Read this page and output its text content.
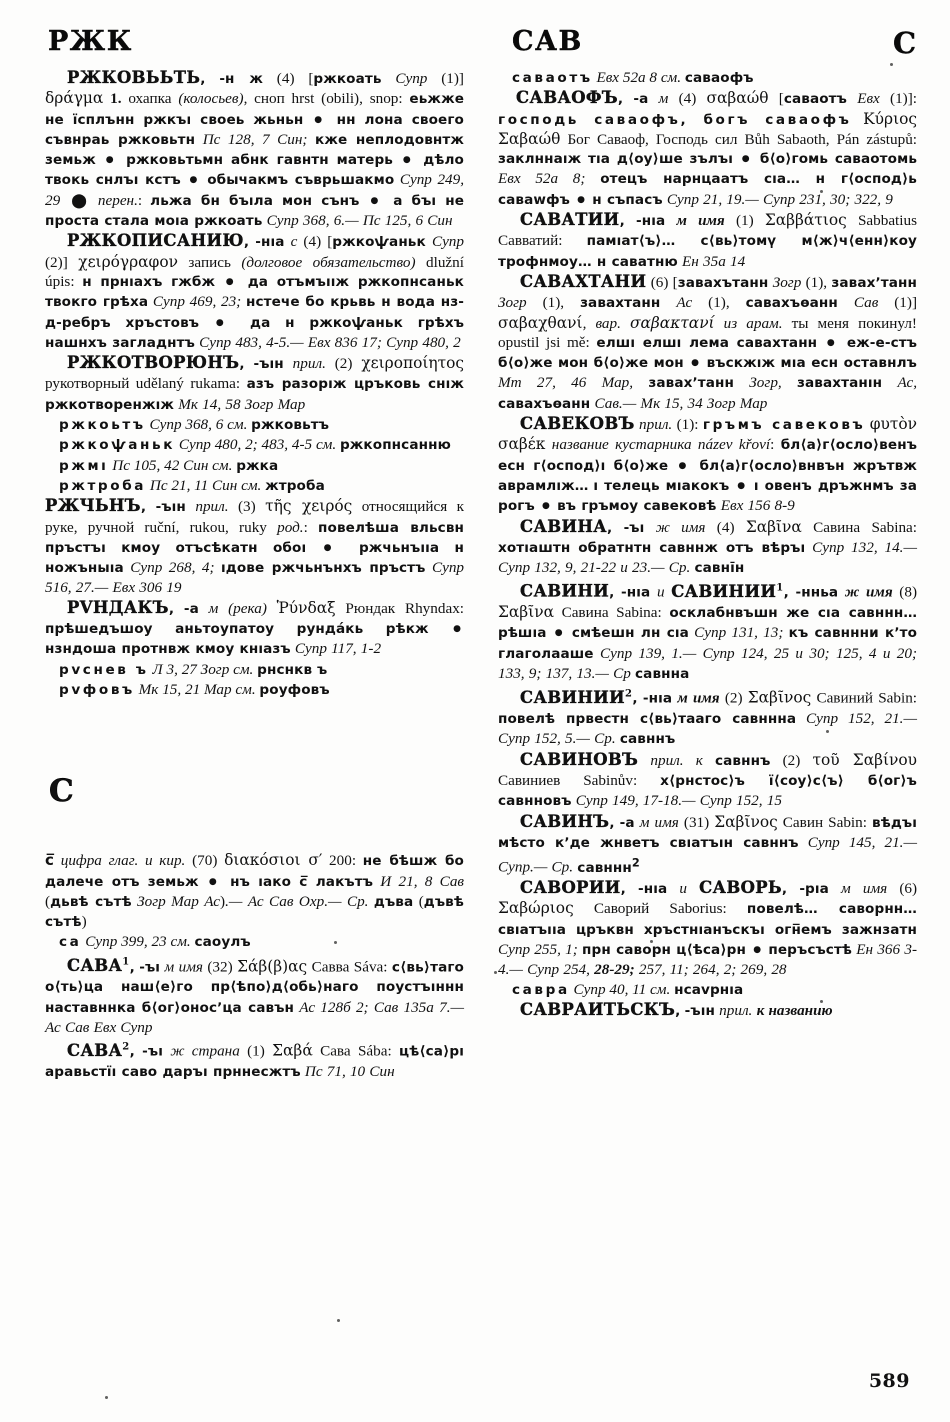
РЖК	САВ	С

РЖКОВЬЬТЬ, -н ж (4) [ржкоать Супр (1)] δράγμα 1. охапка (колосьев), сноп hrst (obili), snop: еьжже не їсплънн ржкъı своеь жьньн ● нн лона своего съвнраь ржковьтн Пс 128, 7 Син; кже неплодовнтж земьж ● ржковьтьмн абнк гавнтн матерь ● дѣло твокь снлъı кстъ ● обычакмъ съврьшакмо Супр 249, 29 ⬤ перен.: льжа бн бъıла мон сънъ ● а бъı не проста стала моıа ржкоать Супр 368, 6.— Пс 125, 6 Син

РЖКОПИСАНИЮ, -нıа с (4) [ржкоѱаньк Супр (2)] χειρόγραφον запись (долговое обязательство) dlužní úpis: н прнıахъ гжбж ● да отъмъııж ржкопнсаньк твокго грѣха Супр 469, 23; нстече бо крьвь н вода нз-д-ребръ хръстовъ ● да н ржкоѱаньк грѣхъ нашнхъ загладнтъ Супр 483, 4-5.— Евх 836 17; Супр 480, 2

РЖКОТВОРЮНЪ, -ъıн прил. (2) χειροποίητος рукотворный udělaný rukama: азъ разорıж цръковь снıж ржкотворенжıж Мк 14, 58 Зогр Мар

ржкоьтъ Супр 368, 6 см. ржковьтъ

ржкоѱаньк Супр 480, 2; 483, 4-5 см. ржкопнсанню

ржмı Пс 105, 42 Син см. ржка

ржтроба Пс 21, 11 Син см. жтроба

РЖЧЬНЪ, -ъıн прил. (3) τῆς χειρός относящийся к руке, ручной ruční, rukou, ruky род.: повелѣша вльсвн пръстъı кмоу отъсѣкатн обоı ● ржчьнъııа н ножъныıа Супр 268, 4; ıдове ржчьнънхъ пръстъ Супр 516, 27.— Евх 306 19

РVНДАКЪ, -а м (река) Ῥύνδαξ Рюндак Rhyndax: прѣшедъшоу аньтоупатоу рунда́кь рѣкж	● нзндоша протнвж кмоу кнıазъ Супр 117, 1-2

рvснев ъ Л 3, 27 Зогр см. рнснкв ъ

рvфовъ Мк 15, 21 Мар см. роуфовъ

С

с̅ цифра глаг. и кир. (70) διακόσιοι σ′ 200: не бѣшж бо далече отъ земьж ● нъ ıако с̅ лакътъ И 21, 8 Сав (дьвѣ сътѣ Зогр Мар Ас).— Ас Сав Охр.— Ср. дъва (дъвѣ сътѣ)

са Супр 399, 23 см. саоулъ

САВА$^1$, -ъı м имя (32) Σάβ(β)ας Савва Sáva: с⟨вь⟩таго о⟨ть⟩ца наш⟨е⟩го пр⟨ѣпо⟩д⟨обь⟩наго поустъıннн наставннка б⟨ог⟩оносʼца савън Ас 128б 2; Сав 135а 7.— Ас Сав Евх Супр

САВА$^2$, -ъı ж страна (1) Σαβά Сава Sába: цѣ⟨са⟩рı аравьстїı саво даръı прннесжтъ Пс 71, 10 Син

саваотъ Евх 52а 8 см. саваофъ

САВАОФЪ, -а м (4) σαβαώθ [саваотъ Евх (1)]: господь саваофъ, богъ саваофъ Κύριος Σαβαώθ Бог Саваоф, Господь сил Bůh Sabaoth, Pán zástupů: заклннаıж тıа д⟨оу⟩ше зълъı ● б⟨о⟩гомь саваотомь Евх 52а 8; отецъ нарнцаатъ сıа… н г⟨оспод⟩ь саваwфъ ● н съпасъ Супр 21, 19.— Супр 231, 30; 322, 9

САВАТИИ, -нıа м имя (1) Σαββάτιος Sabbatius Савватий: памıат⟨ъ⟩… с⟨вь⟩томү м⟨ж⟩ч⟨енн⟩коу трофнмоу… н саватню Ен 35а 14

САВАХТАНИ (6) [завахътанн Зогр (1), завахʼтанн Зогр (1), завахтанн Ас (1), савахъѳанн Сав (1)] σαβαχθανί, вар. σαβακτανί из арам. ты меня покинул! opustil jsi mě: елшı елшı лема савахтанн ● еж-е-стъ б⟨о⟩же мон б⟨о⟩же мон ● въскжıж мıа есн оставнлъ Мт 27, 46 Мар, завахʼтанн Зогр, завахтанıн Ас, савахъѳанн Сав.— Мк 15, 34 Зогр Мар

САВЕКОВЪ прил. (1): гръмъ савековъ φυτὸν σαβέκ название кустарника název křoví: бл⟨а⟩г⟨осло⟩венъ есн г⟨оспод⟩ı б⟨о⟩же ● бл⟨а⟩г⟨осло⟩внвън жрътвж аврамлıж… ı телець мıакокъ ● ı овенъ дръжнмъ за рогъ ● въ гръмоу савековѣ Евх 156 8-9

САВИНА, -ъı ж имя (4) Σαβῖνα Савина Sabina: хотıаштн обратнтн савннж отъ вѣръı Супр 132, 14.— Супр 132, 9, 21-22 и 23.— Ср. савнı̄н

САВИНИ, -нıа и САВИНИИ$^1$, -нньа ж имя (8) Σαβῖνα Савина Sabina: осклабнвъшн же сıа савннн… рѣшıа ● смѣешн лн сıа Супр 131, 13; къ савннни кʼто глаголааше Супр 139, 1.— Супр 124, 25 и 30; 125, 4 и 20; 133, 9; 137, 13.— Ср савнна

САВИНИИ$^2$, -нıа м имя (2) Σαβῖνος Савиний Sabin: повелѣ првестн с⟨вь⟩тааго савннна Супр 152, 21.— Супр 152, 5.— Ср. савннъ

САВИНОВЪ прил. к савннъ (2) τοῦ Σαβίνου Савиниев Sabinův: х⟨рнстос⟩ъ ї⟨соу⟩с⟨ъ⟩ б⟨ог⟩ъ савнновъ Супр 149, 17-18.— Супр 152, 15

САВИНЪ, -а м имя (31) Σαβῖνος Савин Sabin: вѣдъı мѣсто кʼде жнветъ свıатъıн савннъ Супр 145, 21.— Супр.— Ср. савннн$^2$

САВОРИИ, -нıа и САВОРЬ, -рıа м имя (6) Σαβώριος Саворий Saborius: повелѣ… саворнн… свıатъııа цръквн хръстнıанъскъı огн̅емъ зажнзатн Супр 255, 1; прн саворн ц⟨ѣса⟩рн ● перъсъстѣ Ен 366 3-4.— Супр 254, 28-29; 257, 11; 264, 2; 269, 28

савра Супр 40, 11 см. нсаvрнıа

САВРАИТЬСКЪ, -ъıн прил. к названию

589
